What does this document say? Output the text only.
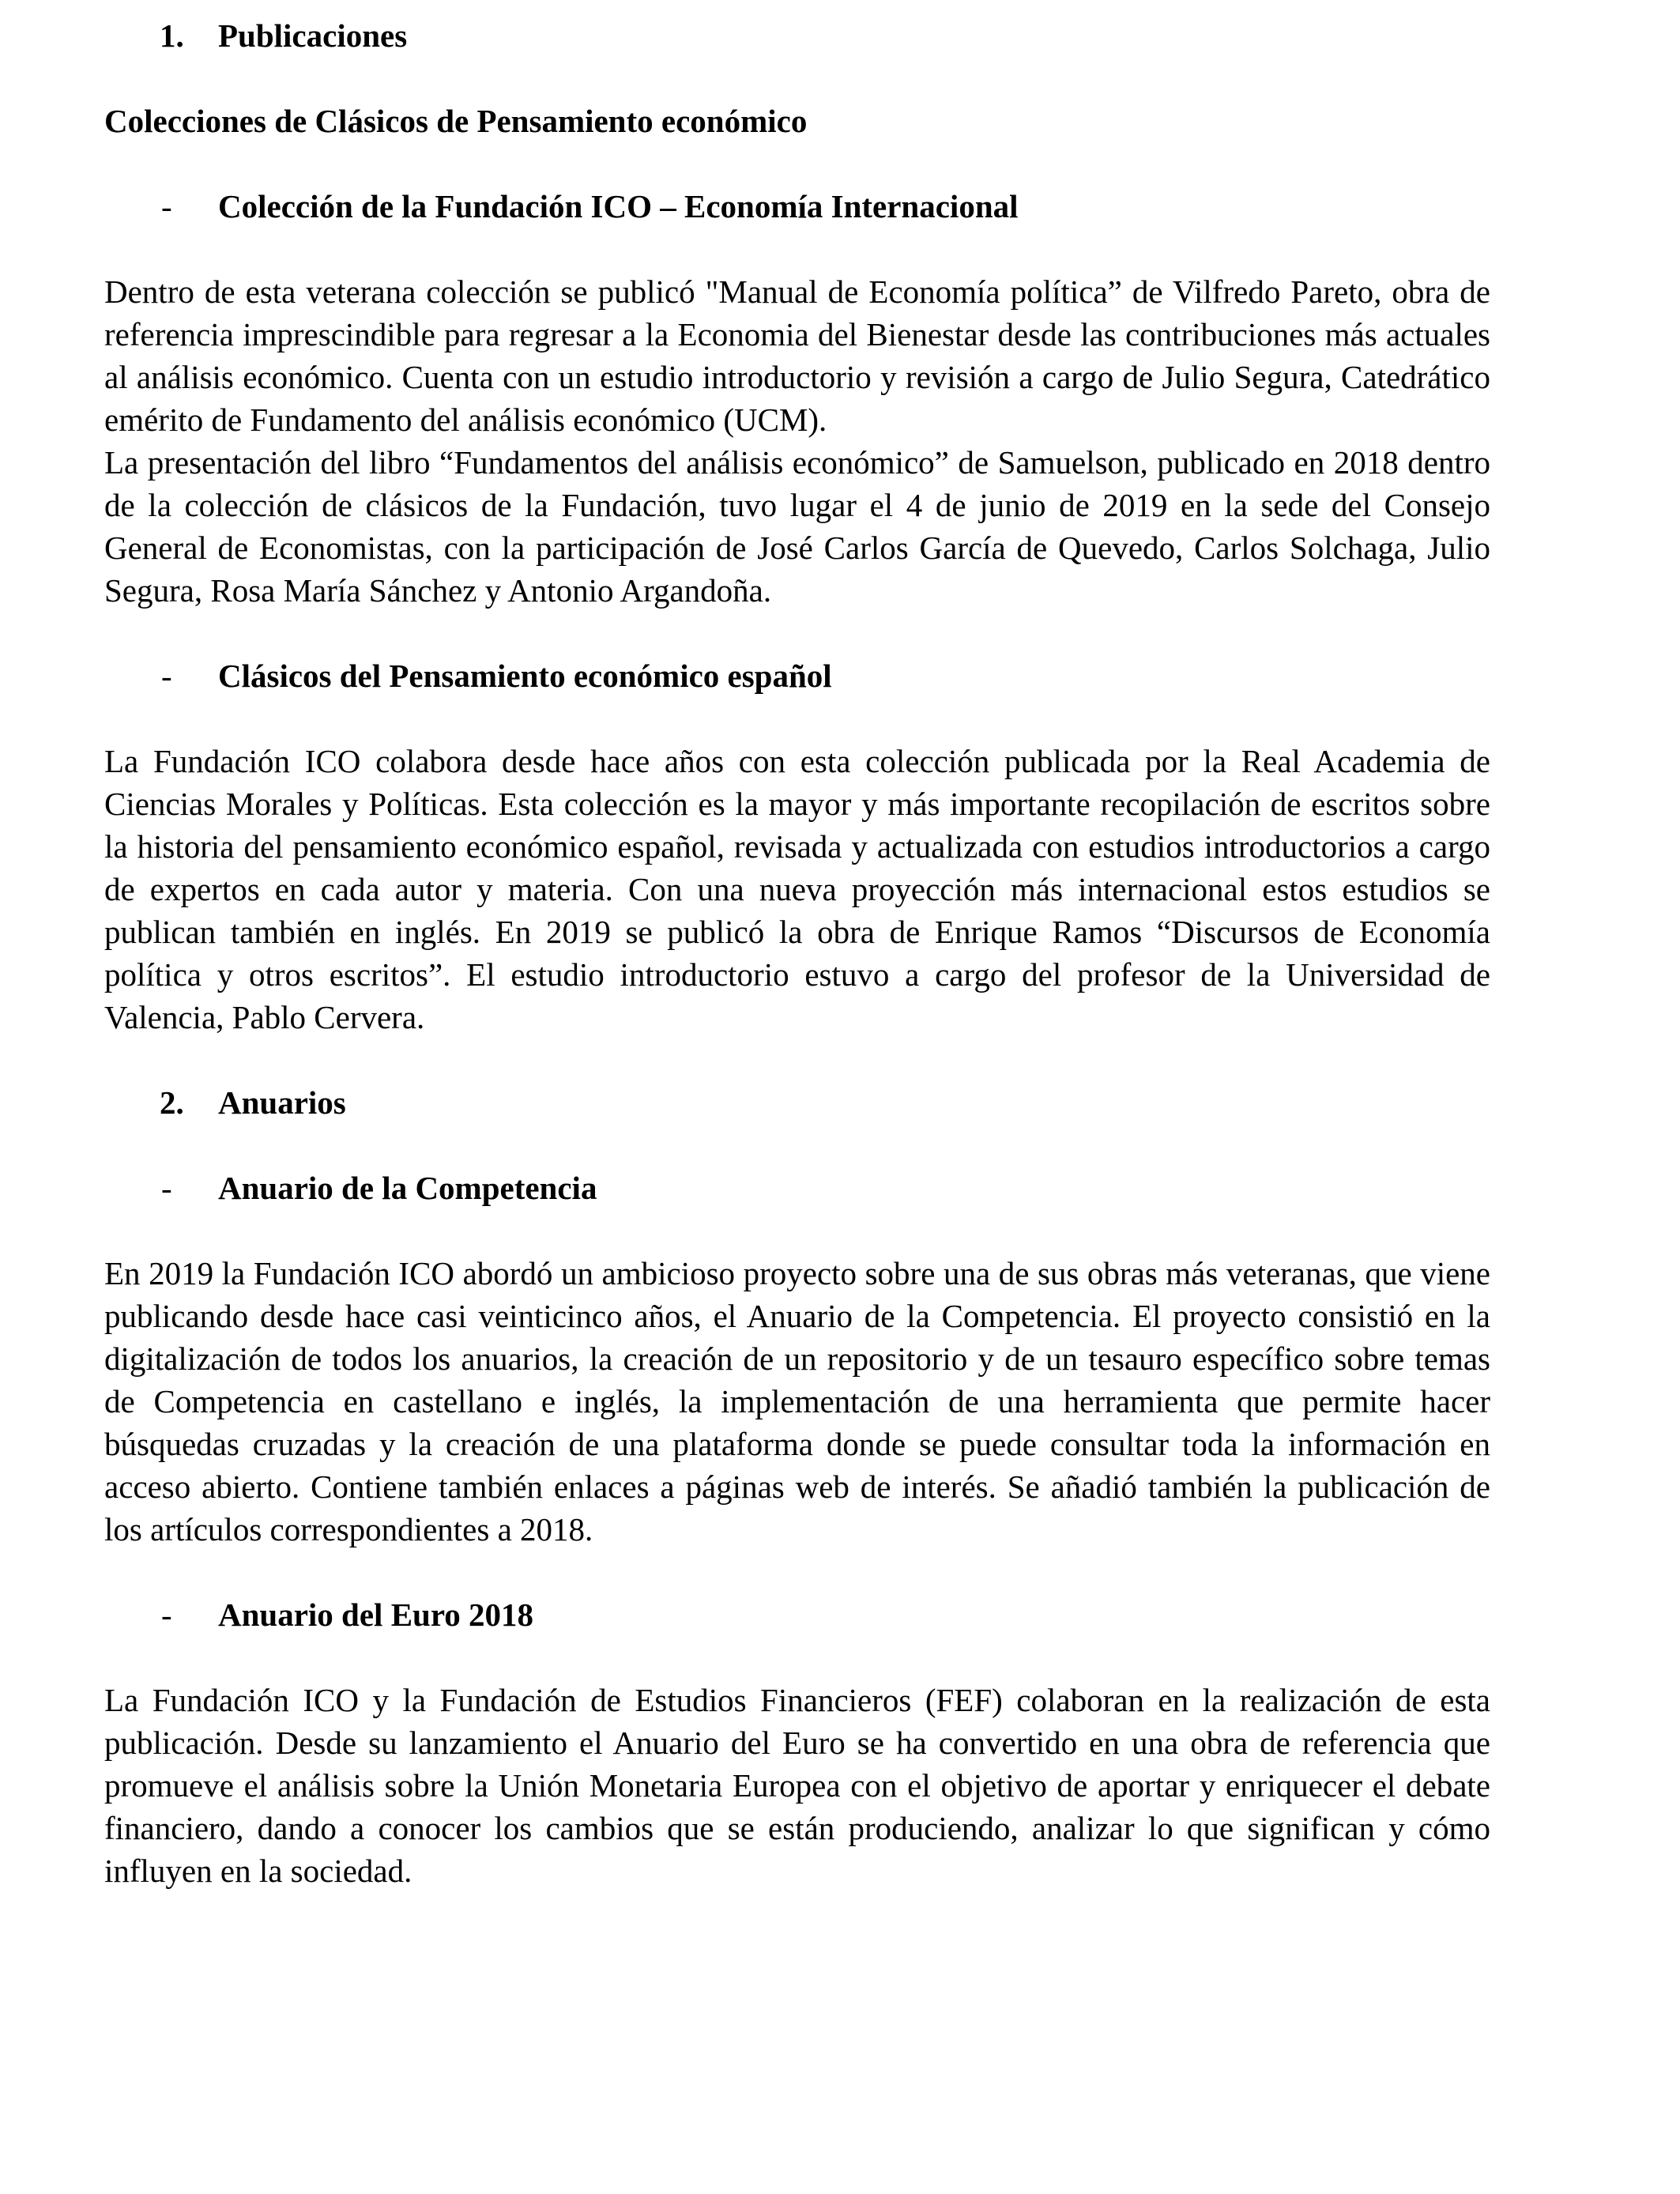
1. Publicaciones
Colecciones de Clásicos de Pensamiento económico
- Colección de la Fundación ICO – Economía Internacional

Dentro de esta veterana colección se publicó "Manual de Economía política” de Vilfredo Pareto, obra de referencia imprescindible para regresar a la Economia del Bienestar desde las contribuciones más actuales al análisis económico. Cuenta con un estudio introductorio y revisión a cargo de Julio Segura, Catedrático emérito de Fundamento del análisis económico (UCM).

La presentación del libro “Fundamentos del análisis económico” de Samuelson, publicado en 2018 dentro de la colección de clásicos de la Fundación, tuvo lugar el 4 de junio de 2019 en la sede del Consejo General de Economistas, con la participación de José Carlos García de Quevedo, Carlos Solchaga, Julio Segura, Rosa María Sánchez y Antonio Argandoña.

- Clásicos del Pensamiento económico español

La Fundación ICO colabora desde hace años con esta colección publicada por la Real Academia de Ciencias Morales y Políticas. Esta colección es la mayor y más importante recopilación de escritos sobre la historia del pensamiento económico español, revisada y actualizada con estudios introductorios a cargo de expertos en cada autor y materia. Con una nueva proyección más internacional estos estudios se publican también en inglés. En 2019 se publicó la obra de Enrique Ramos “Discursos de Economía política y otros escritos”. El estudio introductorio estuvo a cargo del profesor de la Universidad de Valencia, Pablo Cervera.

2. Anuarios
- Anuario de la Competencia

En 2019 la Fundación ICO abordó un ambicioso proyecto sobre una de sus obras más veteranas, que viene publicando desde hace casi veinticinco años, el Anuario de la Competencia. El proyecto consistió en la digitalización de todos los anuarios, la creación de un repositorio y de un tesauro específico sobre temas de Competencia en castellano e inglés, la implementación de una herramienta que permite hacer búsquedas cruzadas y la creación de una plataforma donde se puede consultar toda la información en acceso abierto. Contiene también enlaces a páginas web de interés. Se añadió también la publicación de los artículos correspondientes a 2018.

- Anuario del Euro 2018

La Fundación ICO y la Fundación de Estudios Financieros (FEF) colaboran en la realización de esta publicación. Desde su lanzamiento el Anuario del Euro se ha convertido en una obra de referencia que promueve el análisis sobre la Unión Monetaria Europea con el objetivo de aportar y enriquecer el debate financiero, dando a conocer los cambios que se están produciendo, analizar lo que significan y cómo influyen en la sociedad.
